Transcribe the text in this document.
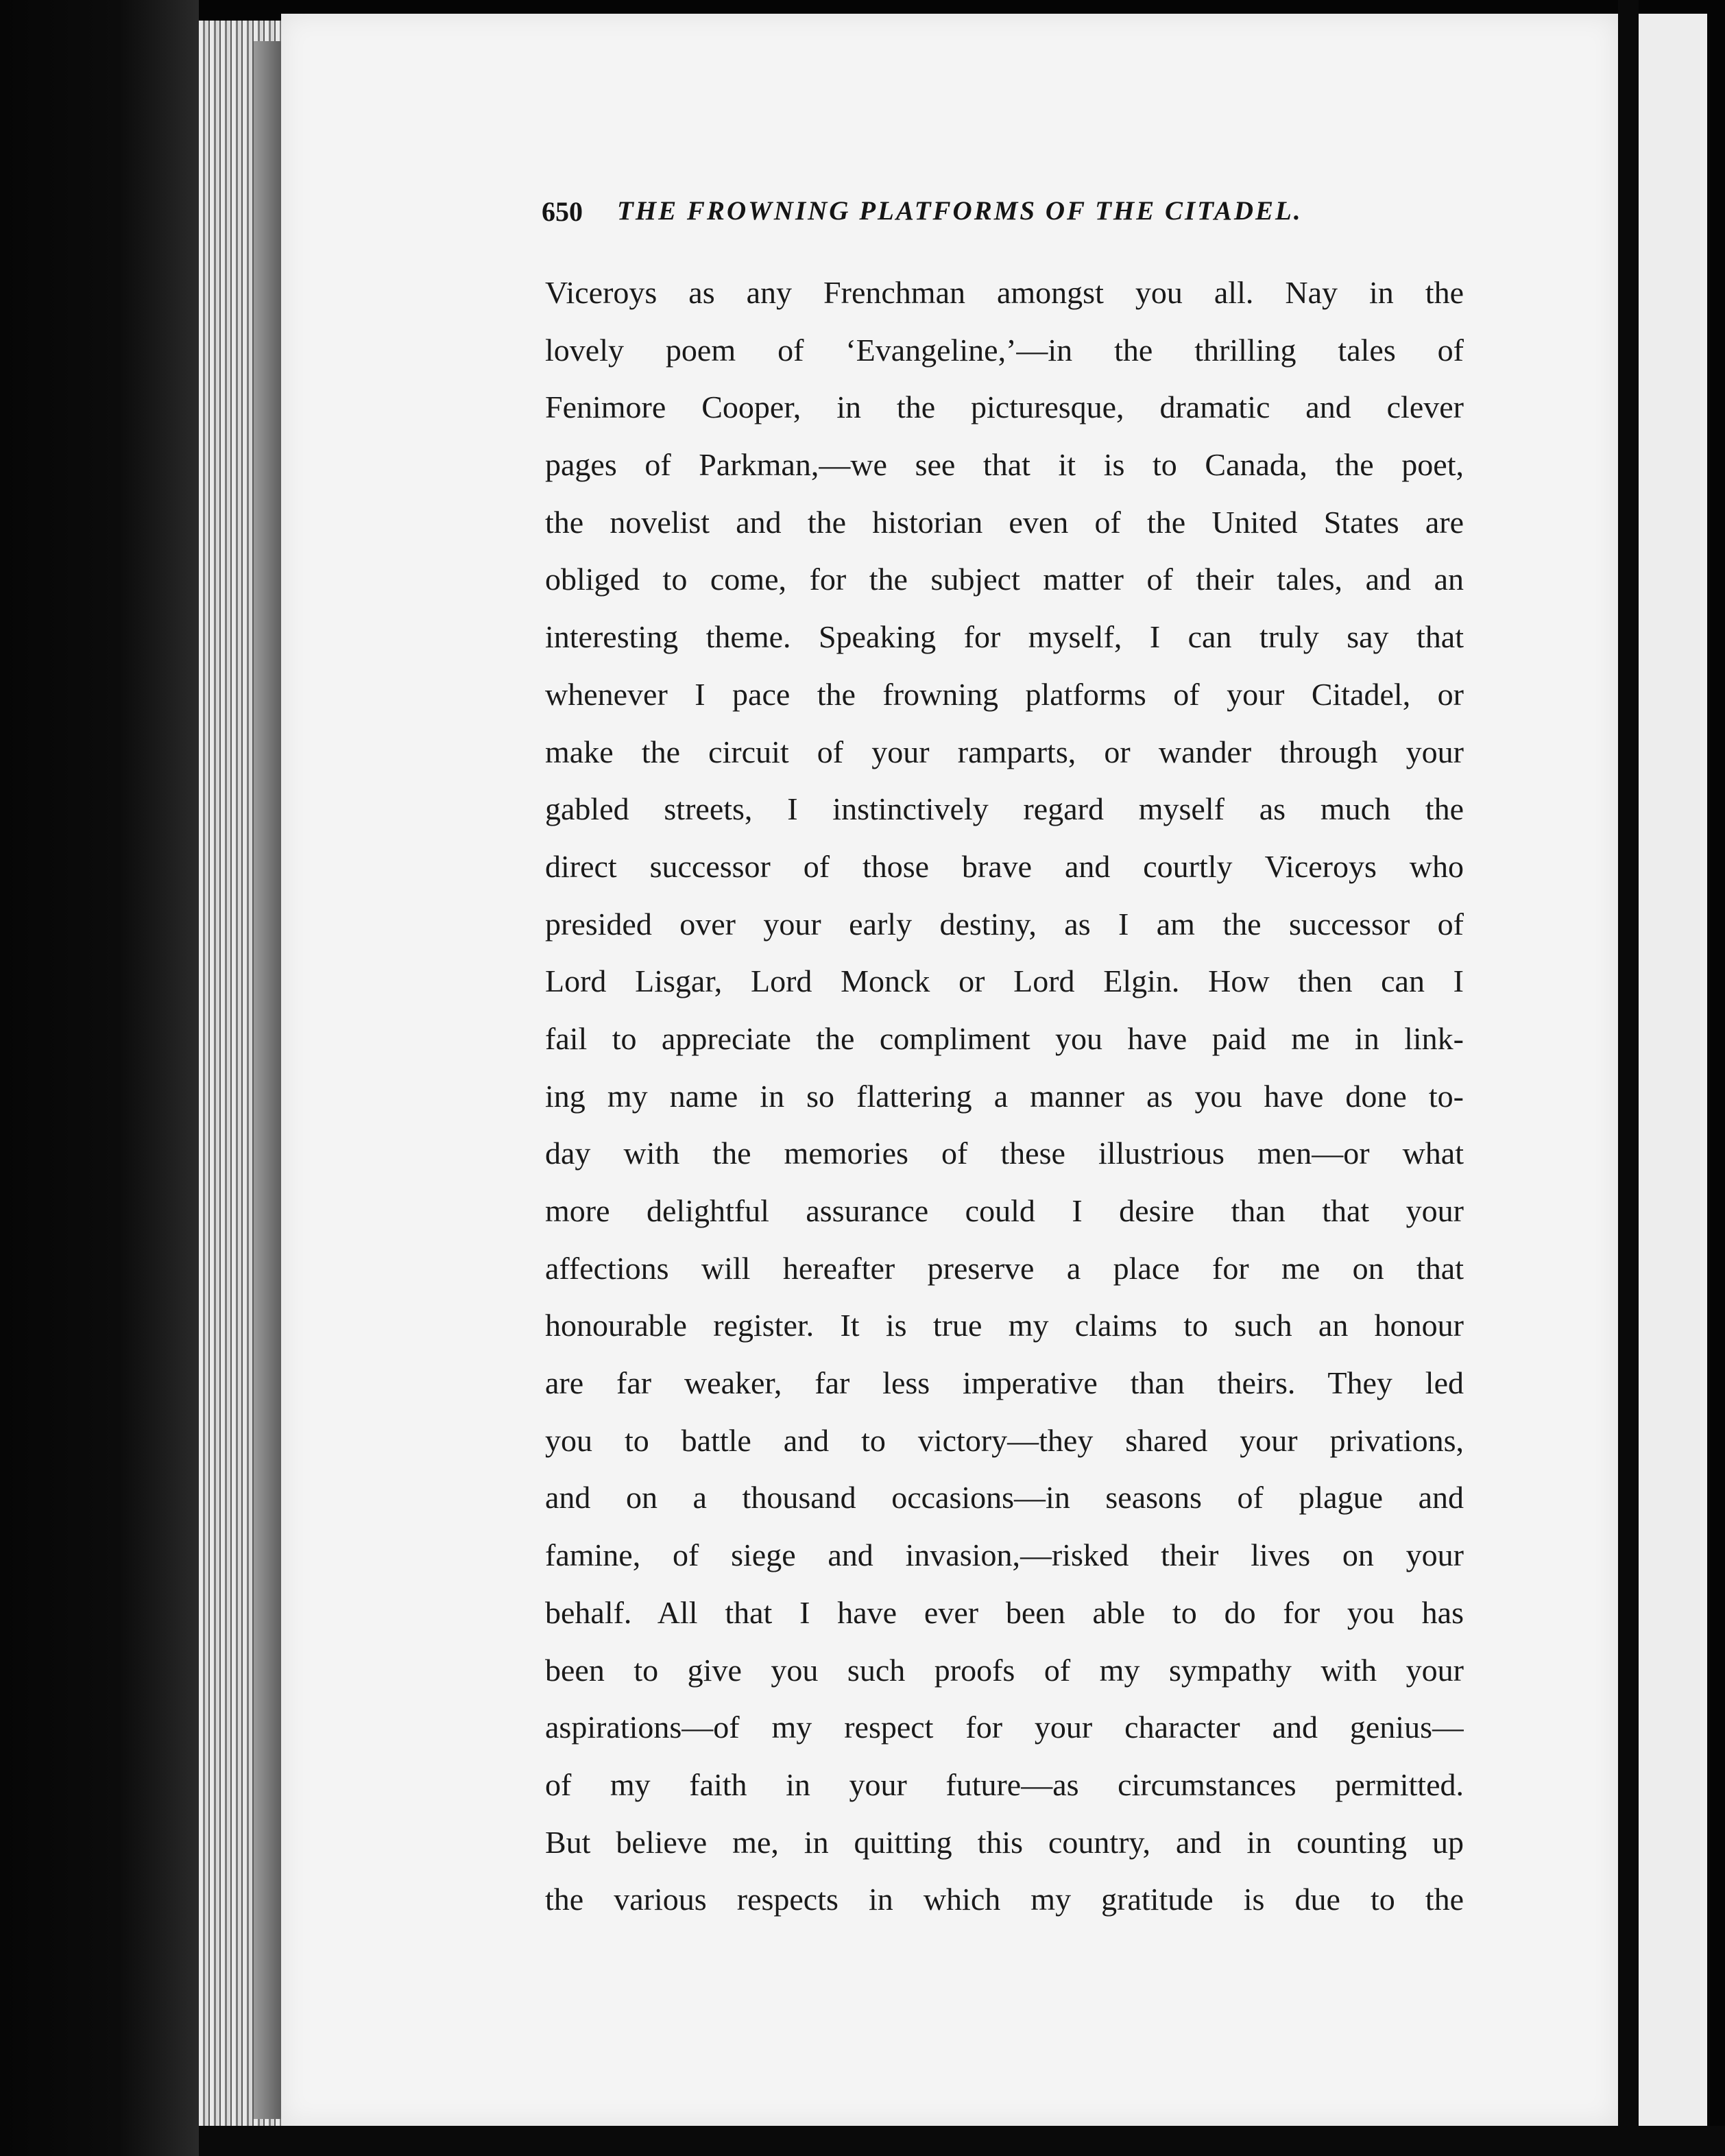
650 THE FROWNING PLATFORMS OF THE CITADEL.
Viceroys as any Frenchman amongst you all. Nay in the
lovely poem of ‘Evangeline,’—in the thrilling tales of
Fenimore Cooper, in the picturesque, dramatic and clever
pages of Parkman,—we see that it is to Canada, the poet,
the novelist and the historian even of the United States are
obliged to come, for the subject matter of their tales, and an
interesting theme. Speaking for myself, I can truly say that
whenever I pace the frowning platforms of your Citadel, or
make the circuit of your ramparts, or wander through your
gabled streets, I instinctively regard myself as much the
direct successor of those brave and courtly Viceroys who
presided over your early destiny, as I am the successor of
Lord Lisgar, Lord Monck or Lord Elgin. How then can I
fail to appreciate the compliment you have paid me in link-
ing my name in so flattering a manner as you have done to-
day with the memories of these illustrious men—or what
more delightful assurance could I desire than that your
affections will hereafter preserve a place for me on that
honourable register. It is true my claims to such an honour
are far weaker, far less imperative than theirs. They led
you to battle and to victory—they shared your privations,
and on a thousand occasions—in seasons of plague and
famine, of siege and invasion,—risked their lives on your
behalf. All that I have ever been able to do for you has
been to give you such proofs of my sympathy with your
aspirations—of my respect for your character and genius—
of my faith in your future—as circumstances permitted.
But believe me, in quitting this country, and in counting up
the various respects in which my gratitude is due to the
